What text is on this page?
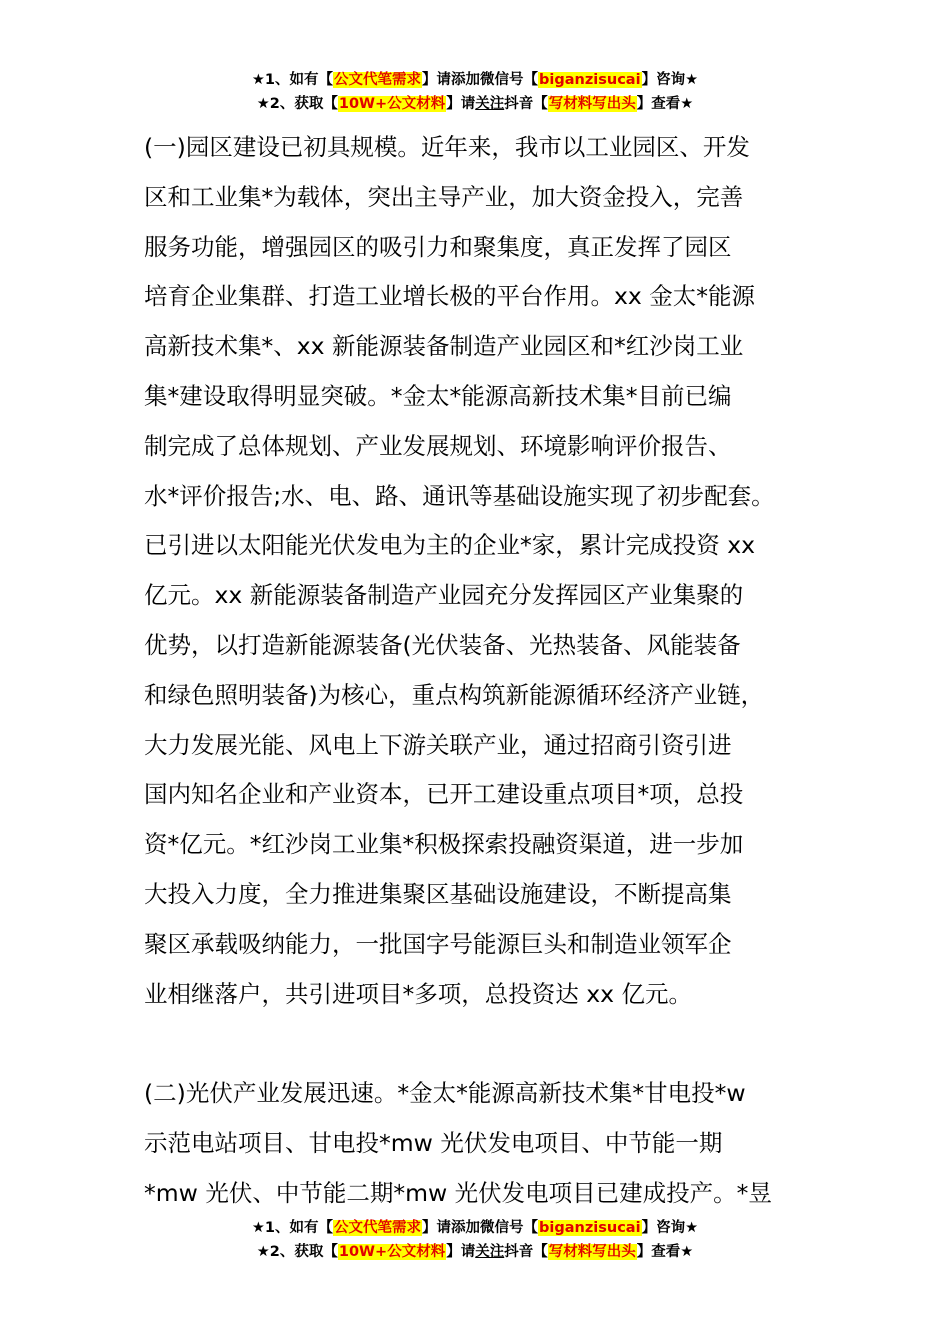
★1、如有【公文代笔需求】请添加微信号【biganzisucai】咨询★
★2、获取【10W+公文材料】请关注抖音【写材料写出头】查看★
(一)园区建设已初具规模。近年来，我市以工业园区、开发
区和工业集*为载体，突出主导产业，加大资金投入，完善
服务功能，增强园区的吸引力和聚集度，真正发挥了园区
培育企业集群、打造工业增长极的平台作用。xx 金太*能源
高新技术集*、xx 新能源装备制造产业园区和*红沙岗工业
集*建设取得明显突破。*金太*能源高新技术集*目前已编
制完成了总体规划、产业发展规划、环境影响评价报告、
水*评价报告;水、电、路、通讯等基础设施实现了初步配套。
已引进以太阳能光伏发电为主的企业*家，累计完成投资 xx
亿元。xx 新能源装备制造产业园充分发挥园区产业集聚的
优势，以打造新能源装备(光伏装备、光热装备、风能装备
和绿色照明装备)为核心，重点构筑新能源循环经济产业链，
大力发展光能、风电上下游关联产业，通过招商引资引进
国内知名企业和产业资本，已开工建设重点项目*项，总投
资*亿元。*红沙岗工业集*积极探索投融资渠道，进一步加
大投入力度，全力推进集聚区基础设施建设，不断提高集
聚区承载吸纳能力，一批国字号能源巨头和制造业领军企
业相继落户，共引进项目*多项，总投资达 xx 亿元。
(二)光伏产业发展迅速。*金太*能源高新技术集*甘电投*w
示范电站项目、甘电投*mw 光伏发电项目、中节能一期
*mw 光伏、中节能二期*mw 光伏发电项目已建成投产。*昱
★1、如有【公文代笔需求】请添加微信号【biganzisucai】咨询★
★2、获取【10W+公文材料】请关注抖音【写材料写出头】查看★
